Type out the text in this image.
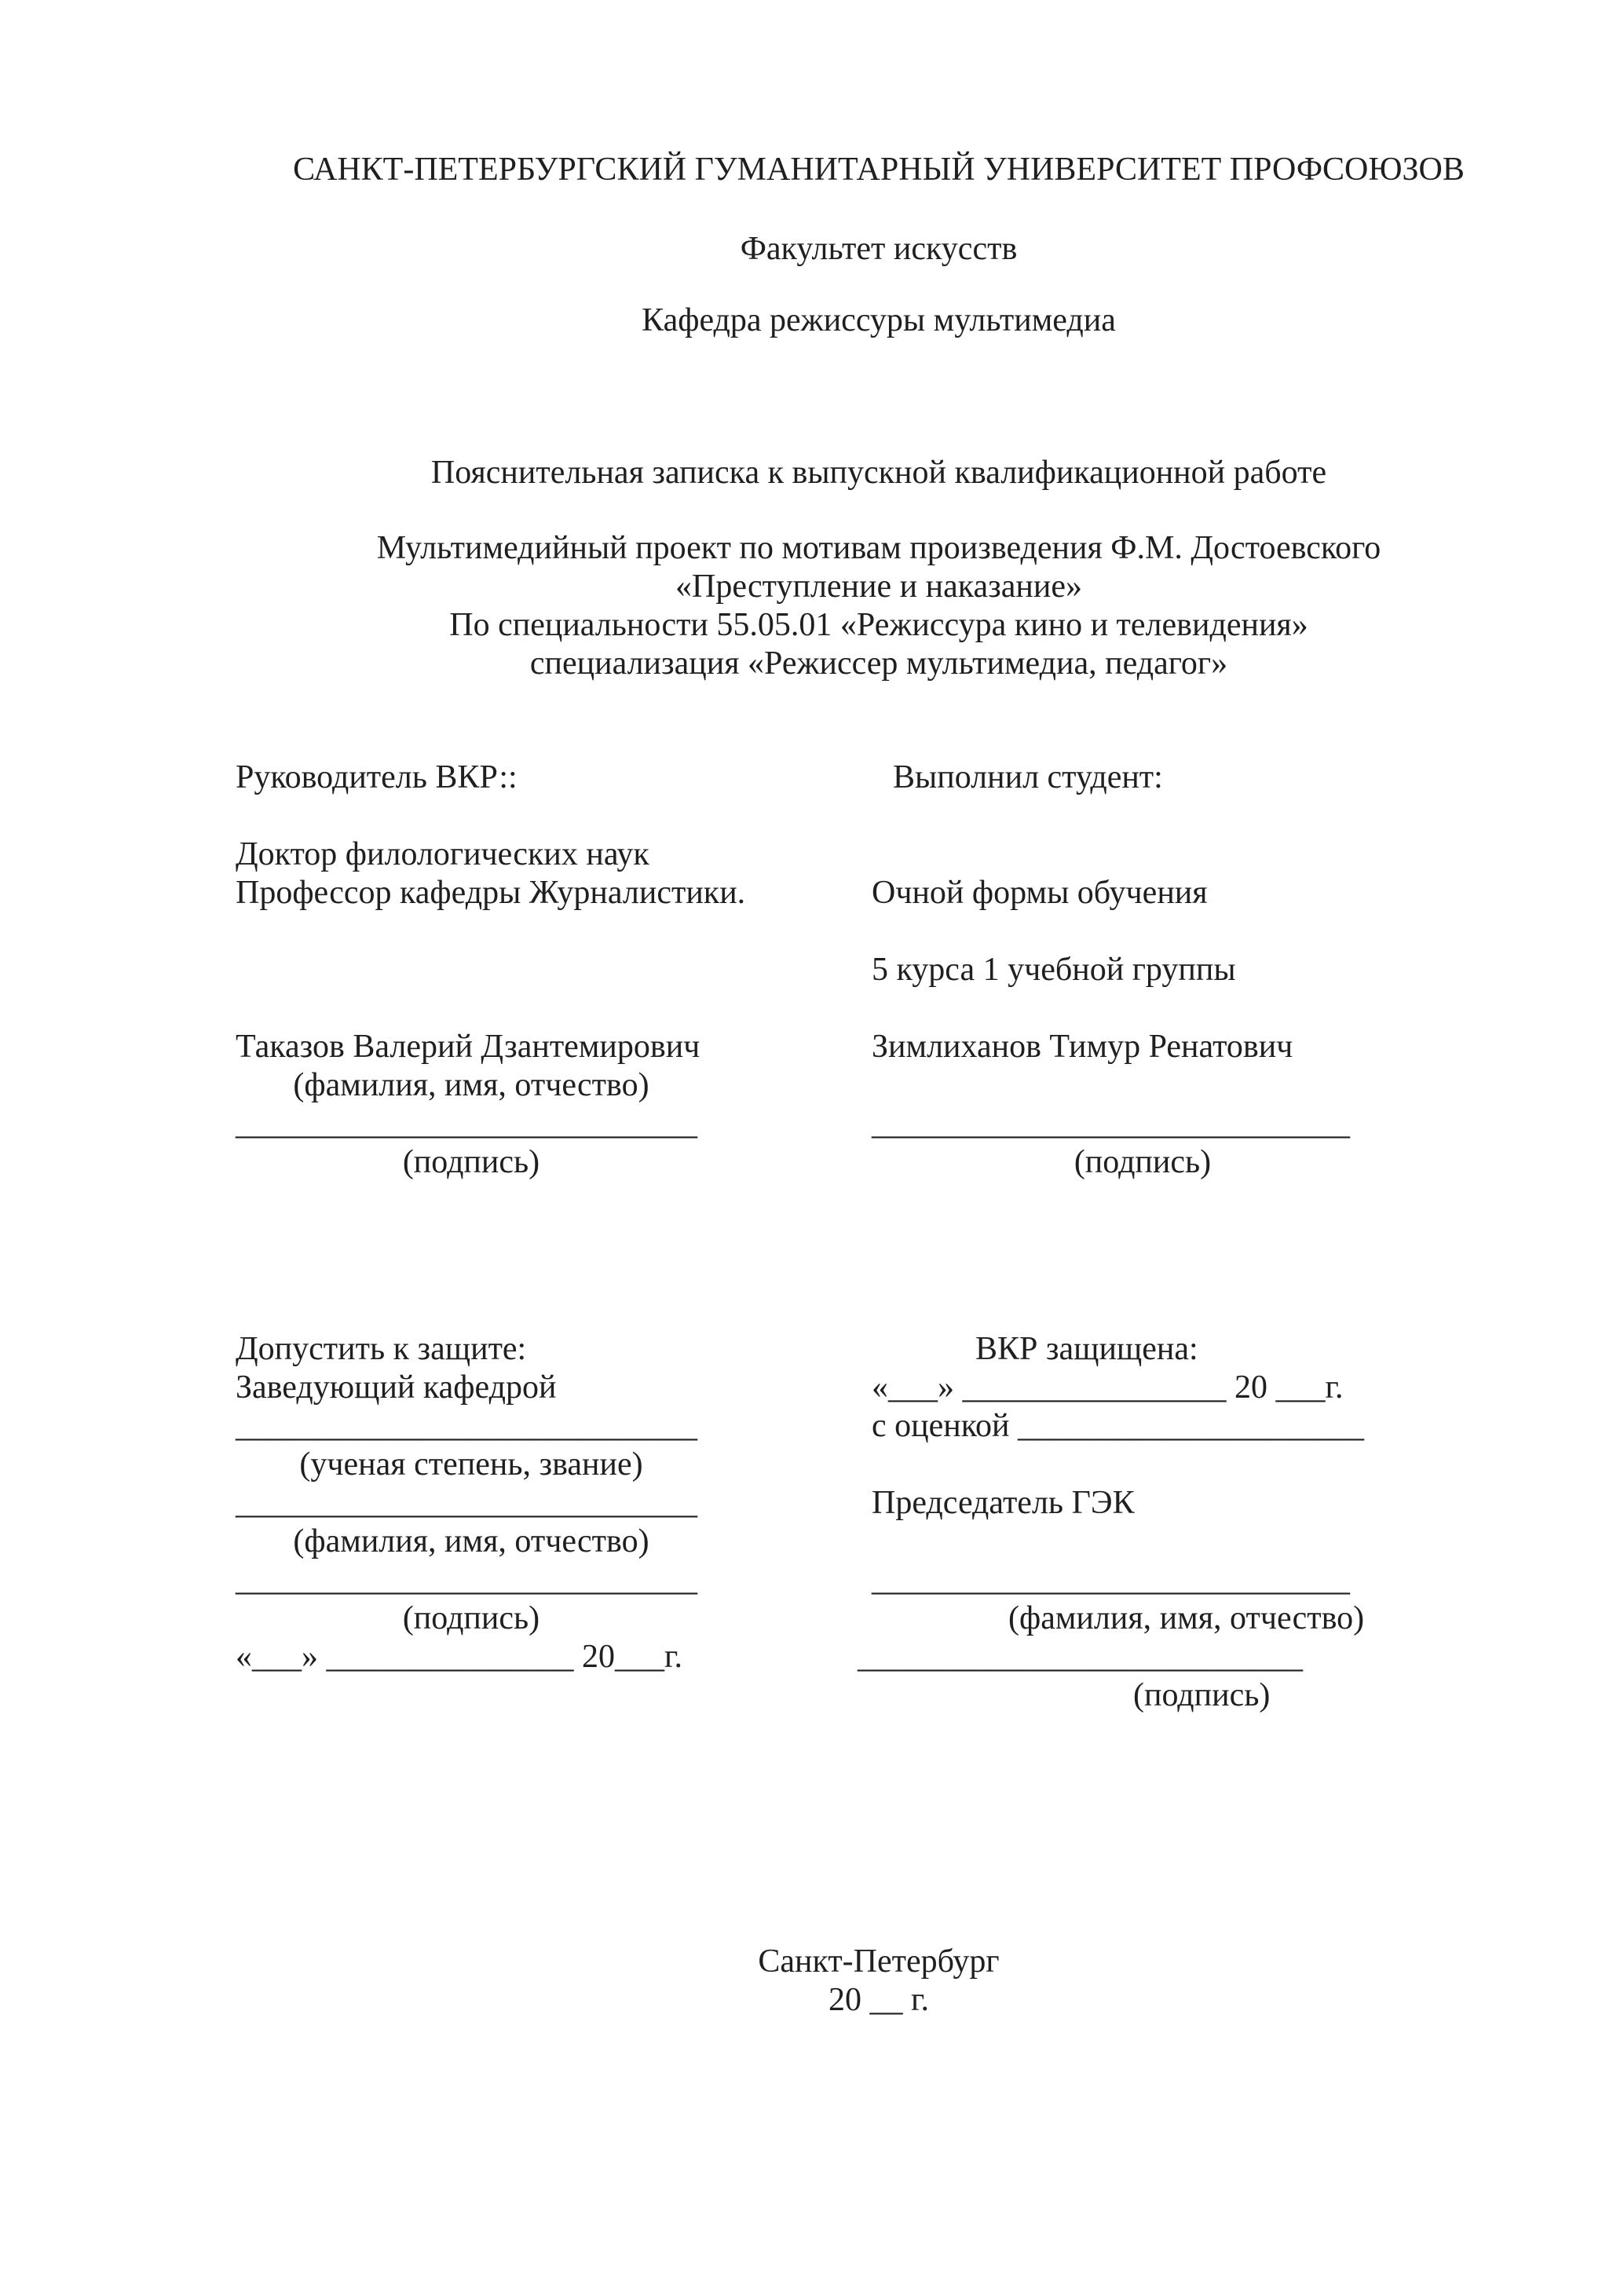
САНКТ-ПЕТЕРБУРГСКИЙ ГУМАНИТАРНЫЙ УНИВЕРСИТЕТ ПРОФСОЮЗОВ
Факультет искусств
Кафедра режиссуры мультимедиа
Пояснительная записка к выпускной квалификационной работе
Мультимедийный проект по мотивам произведения Ф.М. Достоевского
«Преступление и наказание»
По специальности 55.05.01 «Режиссура кино и телевидения»
специализация «Режиссер мультимедиа, педагог»
Руководитель ВКР::
Доктор филологических наук
Профессор кафедры Журналистики.
Таказов Валерий Дзантемирович
(фамилия, имя, отчество)
____________________________
(подпись)
Выполнил студент:
Очной формы обучения
5 курса 1 учебной группы
Зимлиханов Тимур Ренатович
_____________________________
(подпись)
Допустить к защите:
Заведующий кафедрой
____________________________
(ученая степень, звание)
____________________________
(фамилия, имя, отчество)
____________________________
(подпись)
«___» _______________ 20___г.
ВКР защищена:
«___» ________________ 20 ___г.
с оценкой _____________________
Председатель ГЭК
_____________________________
(фамилия, имя, отчество)
___________________________
(подпись)
Санкт-Петербург
20 __ г.
